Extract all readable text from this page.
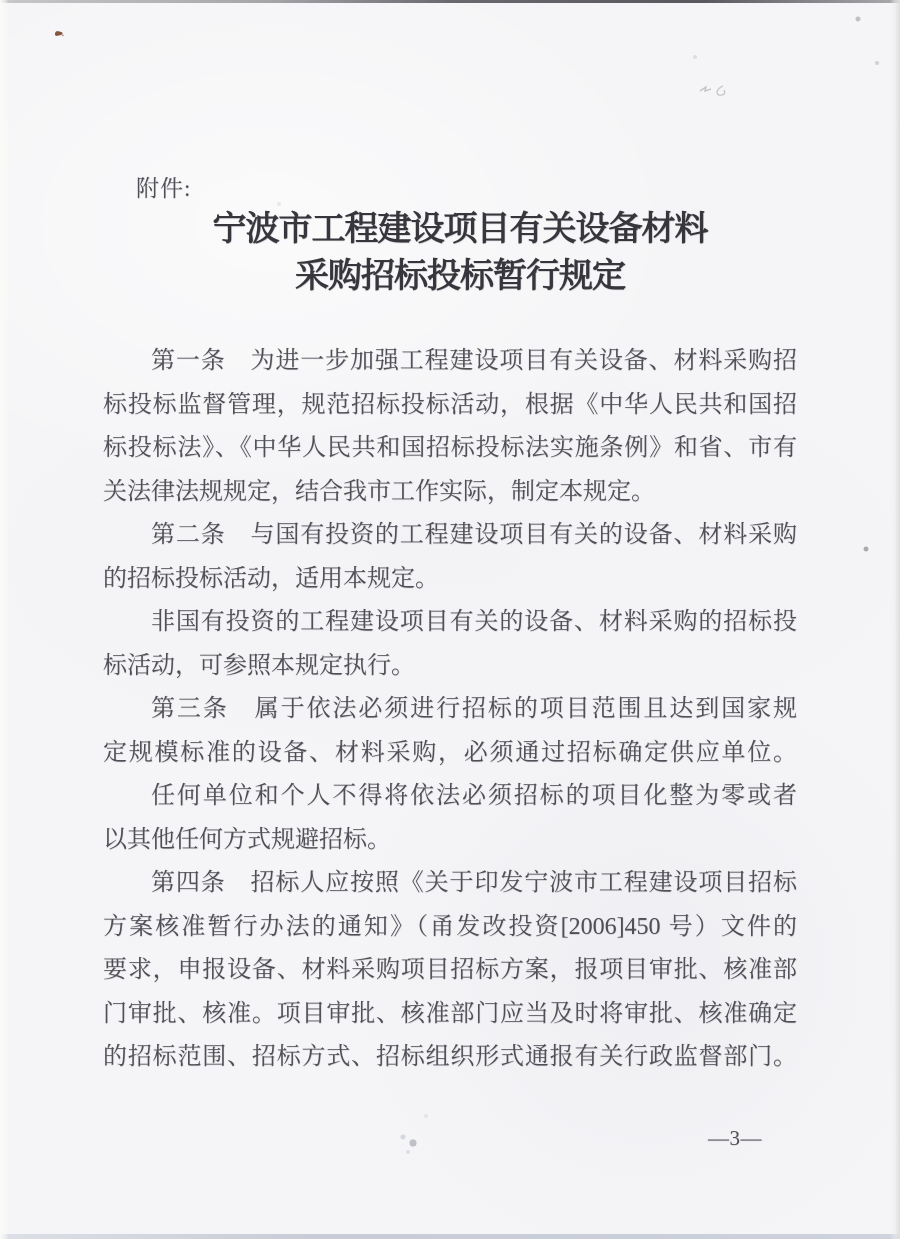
附件:
宁波市工程建设项目有关设备材料
采购招标投标暂行规定
第一条　为进一步加强工程建设项目有关设备、材料采购招
标投标监督管理，规范招标投标活动，根据《中华人民共和国招
标投标法》、《中华人民共和国招标投标法实施条例》和省、市有
关法律法规规定，结合我市工作实际，制定本规定。
第二条　与国有投资的工程建设项目有关的设备、材料采购
的招标投标活动，适用本规定。
非国有投资的工程建设项目有关的设备、材料采购的招标投
标活动，可参照本规定执行。
第三条　属于依法必须进行招标的项目范围且达到国家规
定规模标准的设备、材料采购，必须通过招标确定供应单位。
任何单位和个人不得将依法必须招标的项目化整为零或者
以其他任何方式规避招标。
第四条　招标人应按照《关于印发宁波市工程建设项目招标
方案核准暂行办法的通知》（甬发改投资[2006]450 号）文件的
要求，申报设备、材料采购项目招标方案，报项目审批、核准部
门审批、核准。项目审批、核准部门应当及时将审批、核准确定
的招标范围、招标方式、招标组织形式通报有关行政监督部门。
—3—
